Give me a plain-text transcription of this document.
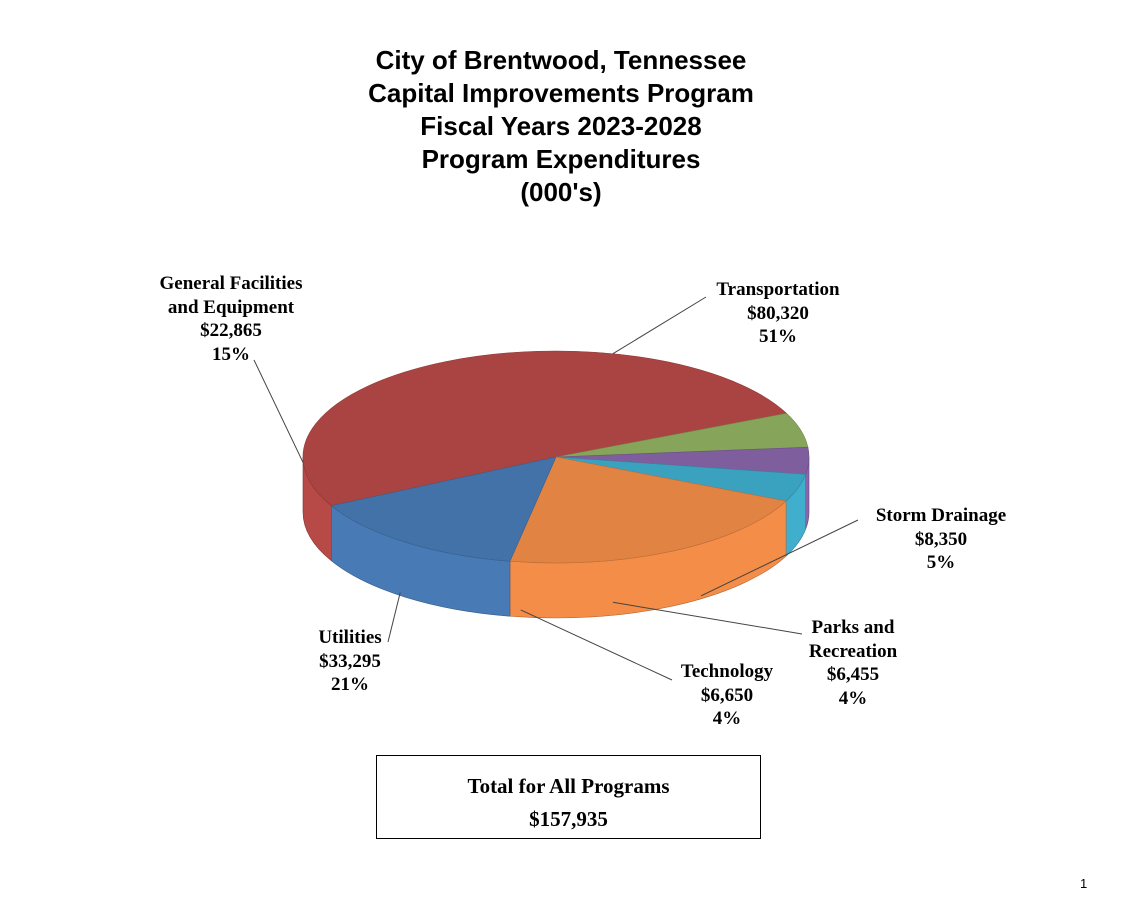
City of Brentwood, Tennessee
Capital Improvements Program
Fiscal Years 2023-2028
Program Expenditures
(000's)
Transportation
$80,320
51%
Storm Drainage
$8,350
5%
Parks and
Recreation
$6,455
4%
Technology
$6,650
4%
Utilities
$33,295
21%
General Facilities
and Equipment
$22,865
15%
Total for All Programs
$157,935
1
